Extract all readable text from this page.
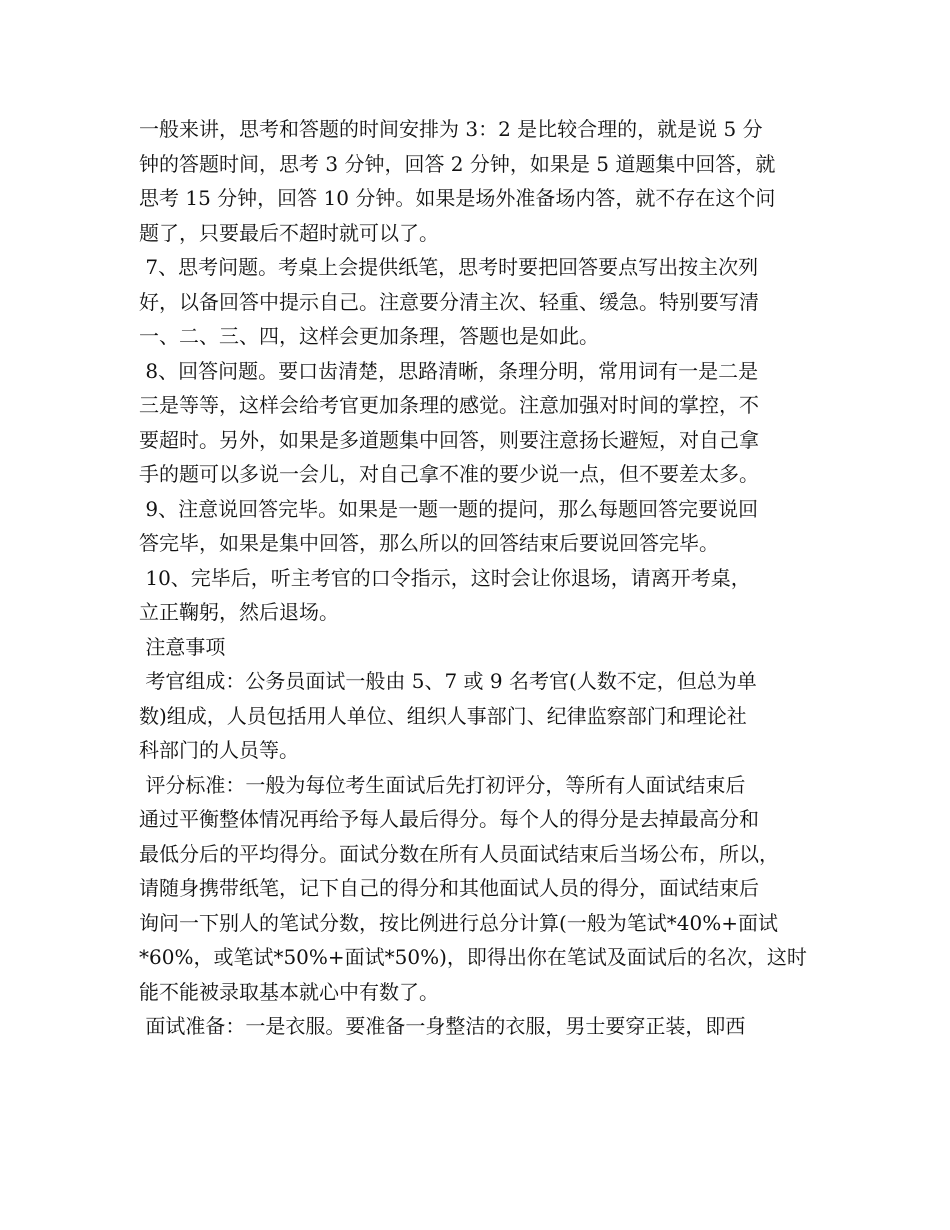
一般来讲，思考和答题的时间安排为 3：2 是比较合理的，就是说 5 分
钟的答题时间，思考 3 分钟，回答 2 分钟，如果是 5 道题集中回答，就
思考 15 分钟，回答 10 分钟。如果是场外准备场内答，就不存在这个问
题了，只要最后不超时就可以了。
7、思考问题。考桌上会提供纸笔，思考时要把回答要点写出按主次列
好，以备回答中提示自己。注意要分清主次、轻重、缓急。特别要写清
一、二、三、四，这样会更加条理，答题也是如此。
8、回答问题。要口齿清楚，思路清晰，条理分明，常用词有一是二是
三是等等，这样会给考官更加条理的感觉。注意加强对时间的掌控，不
要超时。另外，如果是多道题集中回答，则要注意扬长避短，对自己拿
手的题可以多说一会儿，对自己拿不准的要少说一点，但不要差太多。
9、注意说回答完毕。如果是一题一题的提问，那么每题回答完要说回
答完毕，如果是集中回答，那么所以的回答结束后要说回答完毕。
10、完毕后，听主考官的口令指示，这时会让你退场，请离开考桌，
立正鞠躬，然后退场。
注意事项
考官组成：公务员面试一般由 5、7 或 9 名考官(人数不定，但总为单
数)组成，人员包括用人单位、组织人事部门、纪律监察部门和理论社
科部门的人员等。
评分标准：一般为每位考生面试后先打初评分，等所有人面试结束后
通过平衡整体情况再给予每人最后得分。每个人的得分是去掉最高分和
最低分后的平均得分。面试分数在所有人员面试结束后当场公布，所以，
请随身携带纸笔，记下自己的得分和其他面试人员的得分，面试结束后
询问一下别人的笔试分数，按比例进行总分计算(一般为笔试*40%+面试
*60%，或笔试*50%+面试*50%)，即得出你在笔试及面试后的名次，这时
能不能被录取基本就心中有数了。
面试准备：一是衣服。要准备一身整洁的衣服，男士要穿正装，即西
